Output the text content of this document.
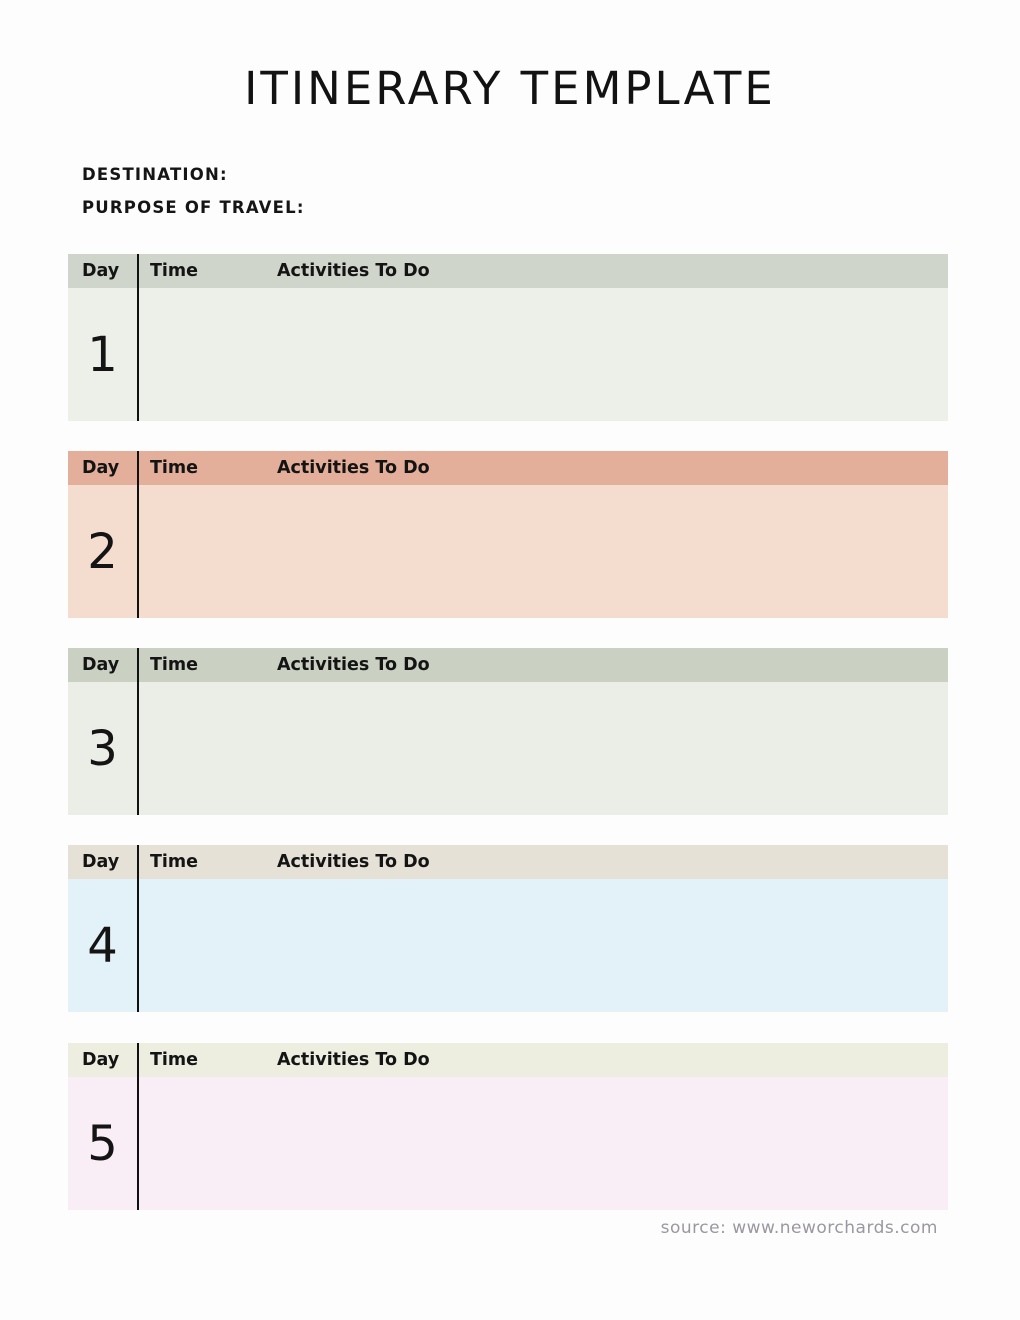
ITINERARY TEMPLATE
DESTINATION:
PURPOSE OF TRAVEL:
Day	Time	Activities To Do
1
Day	Time	Activities To Do
2
Day	Time	Activities To Do
3
Day	Time	Activities To Do
4
Day	Time	Activities To Do
5
source: www.neworchards.com
